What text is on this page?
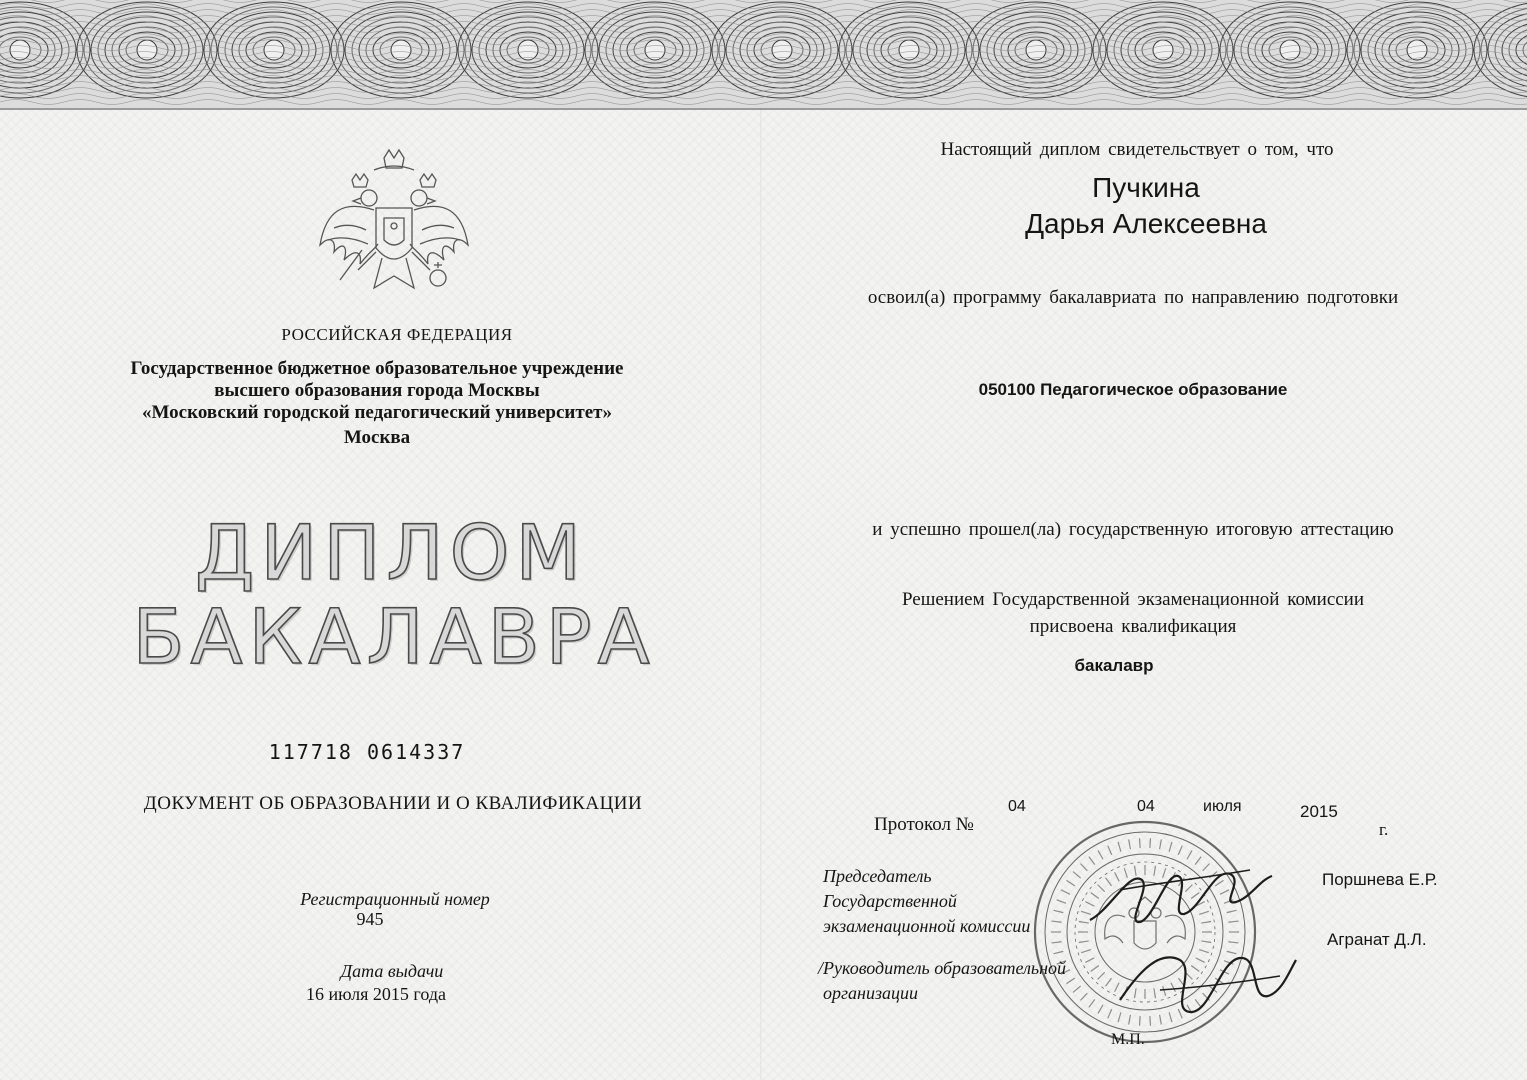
РОССИЙСКАЯ ФЕДЕРАЦИЯ
Государственное бюджетное образовательное учреждение
высшего образования города Москвы
«Московский городской педагогический университет»
Москва
ДИПЛОМ
БАКАЛАВРА
117718 0614337
ДОКУМЕНТ ОБ ОБРАЗОВАНИИ И О КВАЛИФИКАЦИИ
Регистрационный номер
945
Дата выдачи
16 июля 2015 года
Настоящий диплом свидетельствует о том, что
Пучкина
Дарья Алексеевна
освоил(а) программу бакалавриата по направлению подготовки
050100 Педагогическое образование
и успешно прошел(ла) государственную итоговую аттестацию
Решением Государственной экзаменационной комиссии
присвоена квалификация
бакалавр
Протокол №
04	04	июля	2015
г.
Председатель
Государственной
экзаменационной комиссии
Поршнева Е.Р.
/Руководитель образовательной
организации
Агранат Д.Л.
М.П.
